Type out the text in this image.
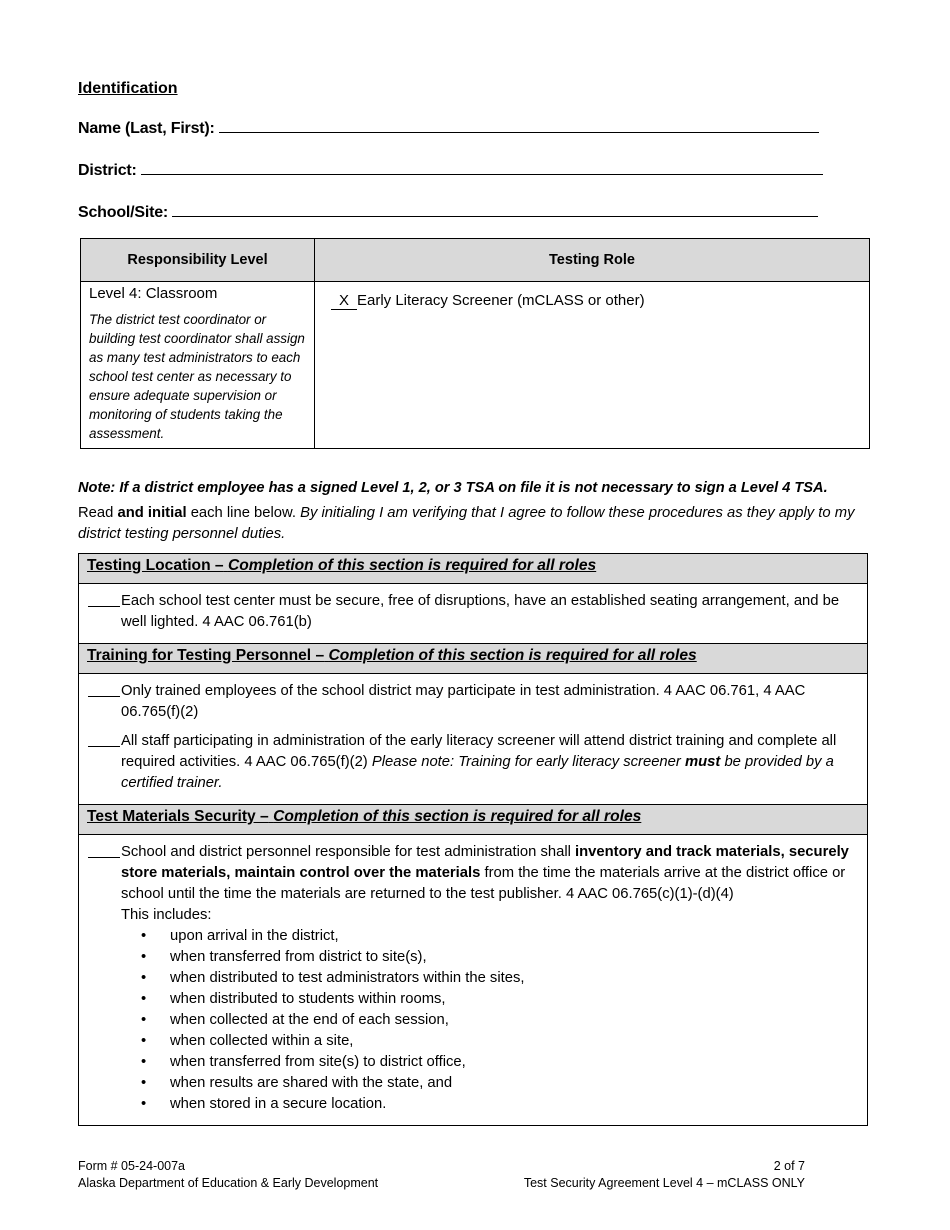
Identification
Name (Last, First):
District:
School/Site:
Responsibility Level	Testing Role

Level 4: Classroom
The district test coordinator or building test coordinator shall assign as many test administrators to each school test center as necessary to ensure adequate supervision or monitoring of students taking the assessment.	X Early Literacy Screener (mCLASS or other)
Note: If a district employee has a signed Level 1, 2, or 3 TSA on file it is not necessary to sign a Level 4 TSA.
Read and initial each line below. By initialing I am verifying that I agree to follow these procedures as they apply to my district testing personnel duties.
Testing Location – Completion of this section is required for all roles
Each school test center must be secure, free of disruptions, have an established seating arrangement, and be well lighted. 4 AAC 06.761(b)
Training for Testing Personnel – Completion of this section is required for all roles
Only trained employees of the school district may participate in test administration. 4 AAC 06.761, 4 AAC 06.765(f)(2)
All staff participating in administration of the early literacy screener will attend district training and complete all required activities. 4 AAC 06.765(f)(2) Please note: Training for early literacy screener must be provided by a certified trainer.
Test Materials Security – Completion of this section is required for all roles
School and district personnel responsible for test administration shall inventory and track materials, securely store materials, maintain control over the materials from the time the materials arrive at the district office or school until the time the materials are returned to the test publisher. 4 AAC 06.765(c)(1)-(d)(4)
This includes:
• upon arrival in the district,
• when transferred from district to site(s),
• when distributed to test administrators within the sites,
• when distributed to students within rooms,
• when collected at the end of each session,
• when collected within a site,
• when transferred from site(s) to district office,
• when results are shared with the state, and
• when stored in a secure location.
Form # 05-24-007a
Alaska Department of Education & Early Development
2 of 7
Test Security Agreement Level 4 – mCLASS ONLY
